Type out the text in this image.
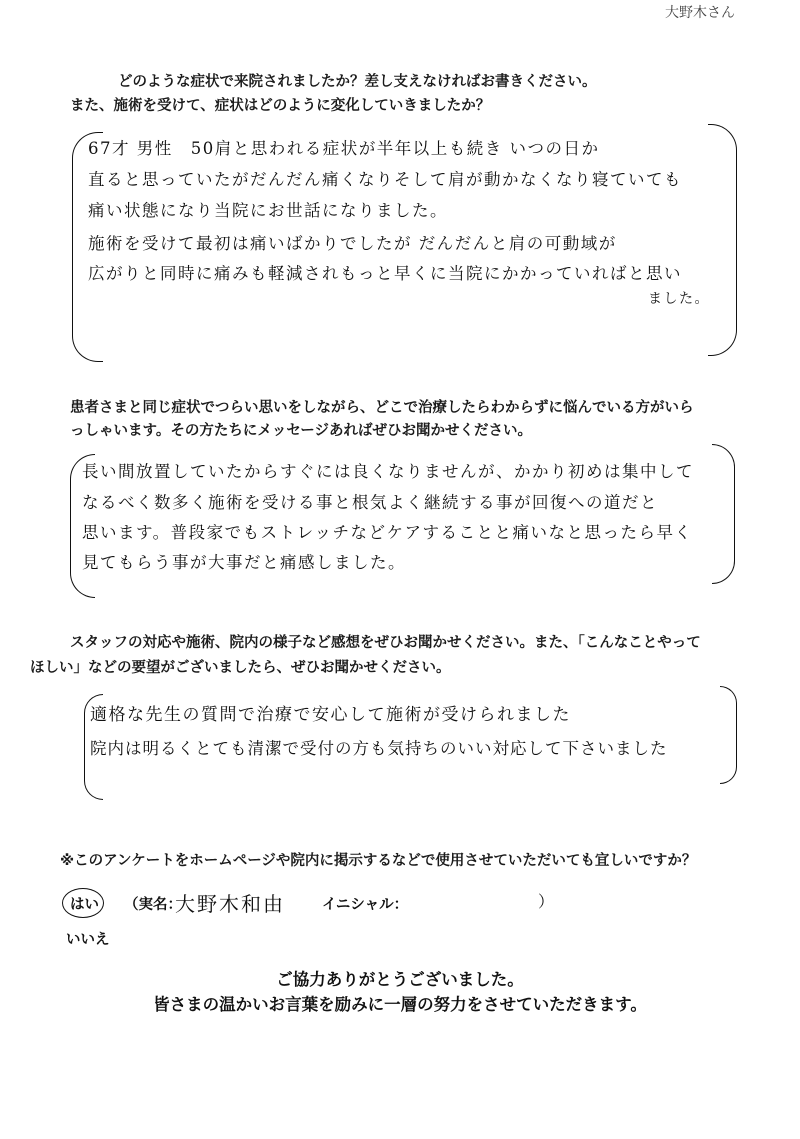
大野木さん
どのような症状で来院されましたか？差し支えなければお書きください。
また、施術を受けて、症状はどのように変化していきましたか？
67才 男性　50肩と思われる症状が半年以上も続き いつの日か
直ると思っていたがだんだん痛くなりそして肩が動かなくなり寝ていても
痛い状態になり当院にお世話になりました。
施術を受けて最初は痛いばかりでしたが だんだんと肩の可動域が
広がりと同時に痛みも軽減されもっと早くに当院にかかっていればと思い
ました。
患者さまと同じ症状でつらい思いをしながら、どこで治療したらわからずに悩んでいる方がいら
っしゃいます。その方たちにメッセージあればぜひお聞かせください。
長い間放置していたからすぐには良くなりませんが、かかり初めは集中して
なるべく数多く施術を受ける事と根気よく継続する事が回復への道だと
思います。普段家でもストレッチなどケアすることと痛いなと思ったら早く
見てもらう事が大事だと痛感しました。
スタッフの対応や施術、院内の様子など感想をぜひお聞かせください。また、「こんなことやって
ほしい」などの要望がございましたら、ぜひお聞かせください。
適格な先生の質問で治療で安心して施術が受けられました
院内は明るくとても清潔で受付の方も気持ちのいい対応して下さいました
※このアンケートをホームページや院内に掲示するなどで使用させていただいても宜しいですか？
はい （実名：
大野木和由	イニシャル：	）
いいえ
ご協力ありがとうございました。
皆さまの温かいお言葉を励みに一層の努力をさせていただきます。
